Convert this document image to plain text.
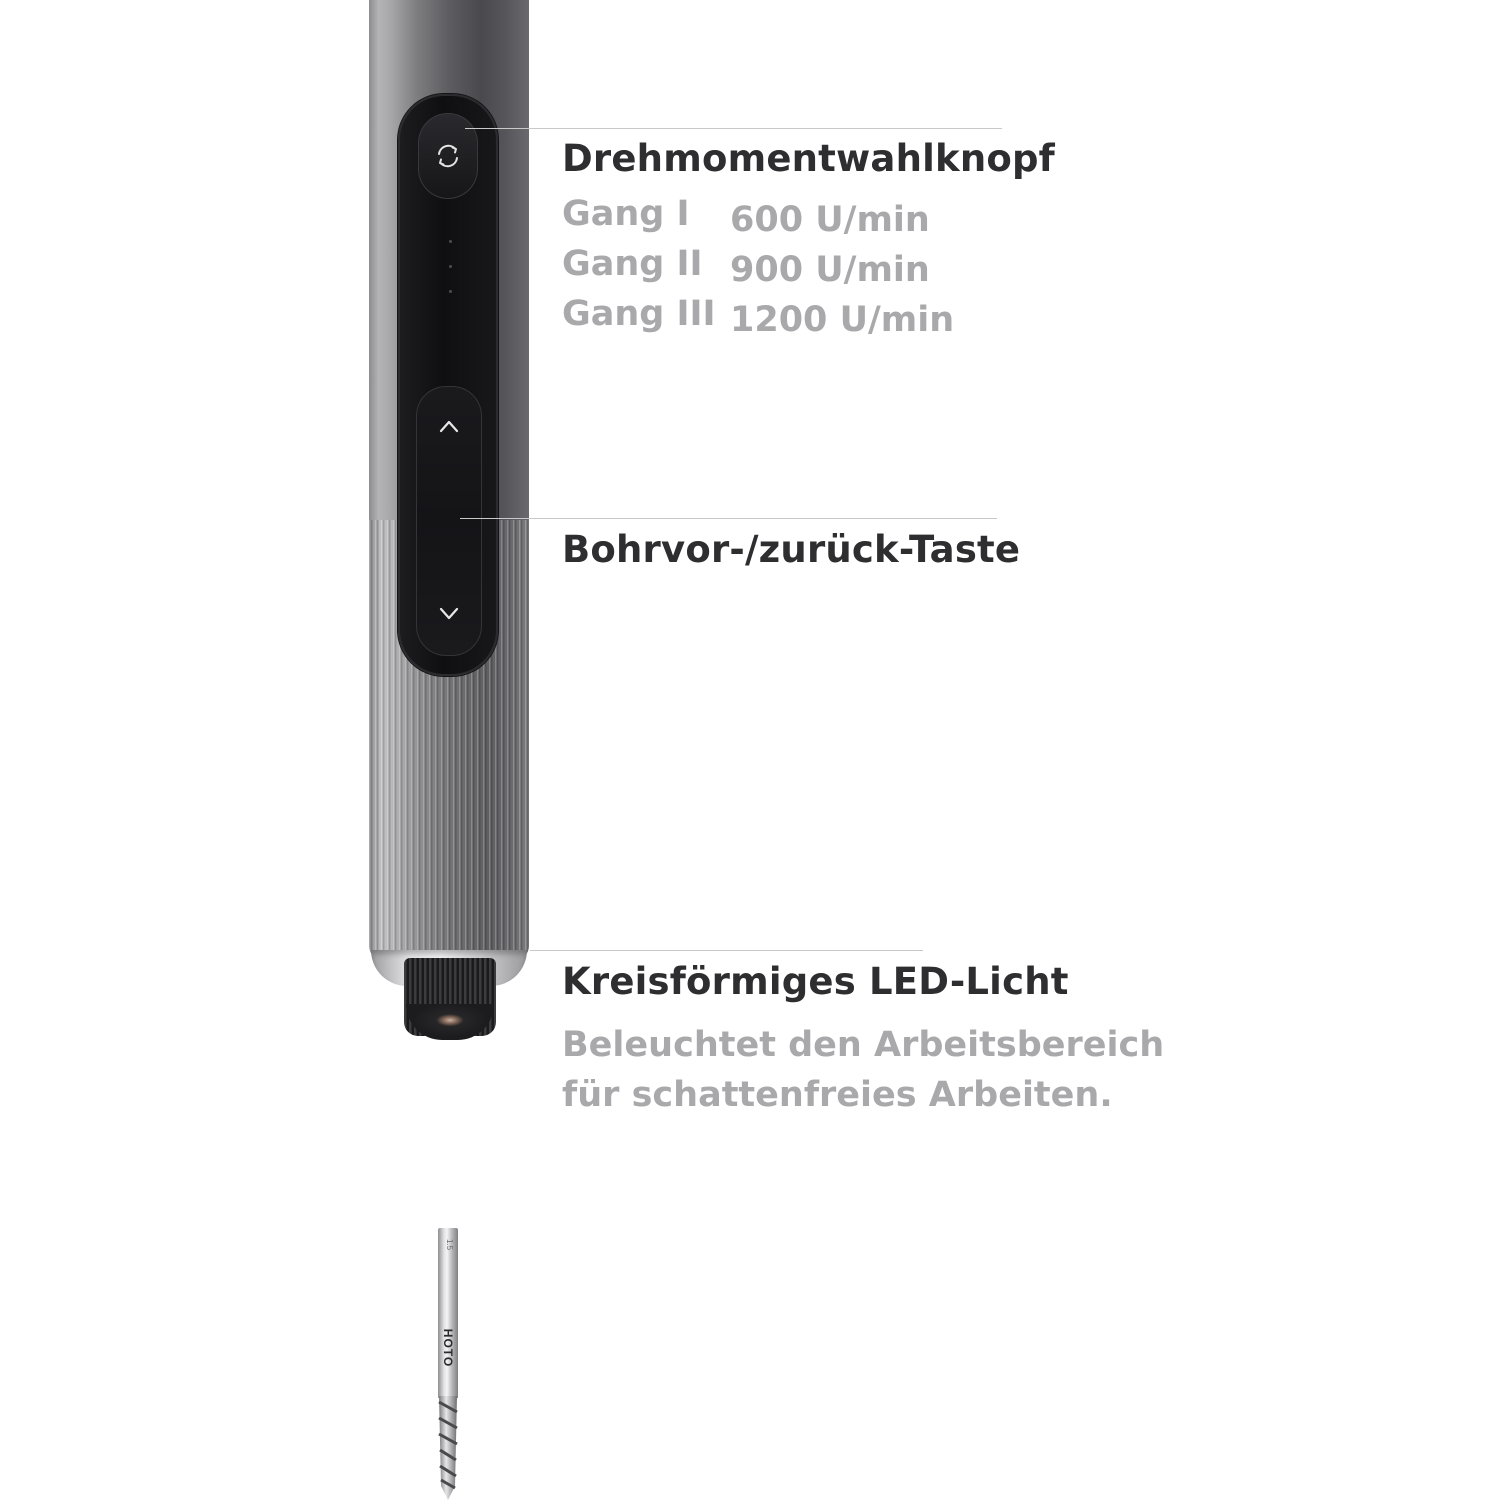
Drehmomentwahlknopf
Gang I 600 U/min
Gang II 900 U/min
Gang III 1200 U/min
Bohrvor-/zurück-Taste
Kreisförmiges LED-Licht
Beleuchtet den Arbeitsbereich
für schattenfreies Arbeiten.
1.5
HOTO
